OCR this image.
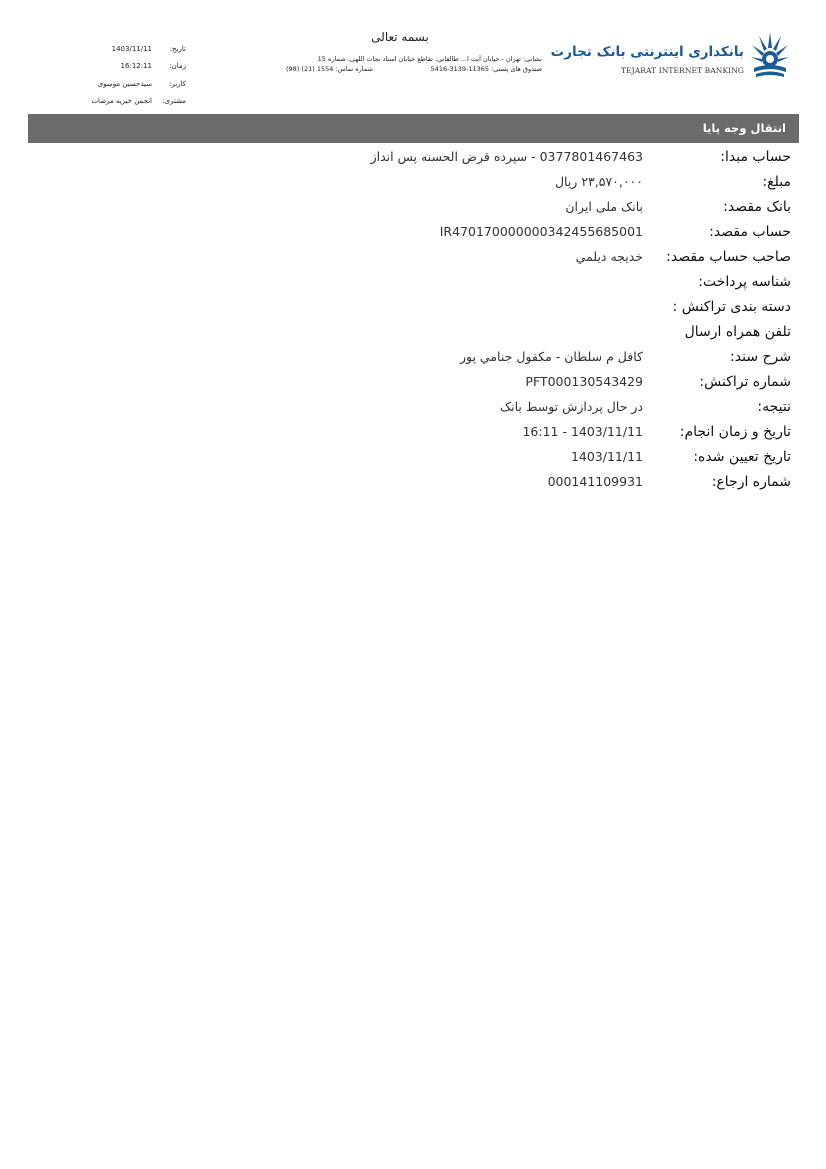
بسمه تعالی
نشانی: تهران - خیابان آیت ا... طالقانی، تقاطع خیابان استاد نجات اللهی، شماره 15
صندوق های پستی: 11365-3139-5416
شماره تماس: 1554 (21) (98)
تاریخ:
1403/11/11
زمان:
16:12:11
کاربر:
سیدحسین موسوی
مشتری:
انجمن خیریه مرضات
بانکداری اینترنتی بانک تجارت
TEJARAT INTERNET BANKING
انتقال وجه پایا
حساب مبدا:
0377801467463 - سپرده قرض الحسنه پس انداز
مبلغ:
۲۳,۵۷۰,۰۰۰ ریال
بانک مقصد:
بانک ملی ایران
حساب مقصد:
IR470170000000342455685001
صاحب حساب مقصد:
خدیجه دیلمي
شناسه پرداخت:
دسته بندی تراکنش :
تلفن همراه ارسال
شرح سند:
کافل م سلطان - مکفول جنامي پور
شماره تراکنش:
PFT000130543429
نتیجه:
در حال پردازش توسط بانک
تاریخ و زمان انجام:
1403/11/11 - 16:11
تاریخ تعیین شده:
1403/11/11
شماره ارجاع:
000141109931
